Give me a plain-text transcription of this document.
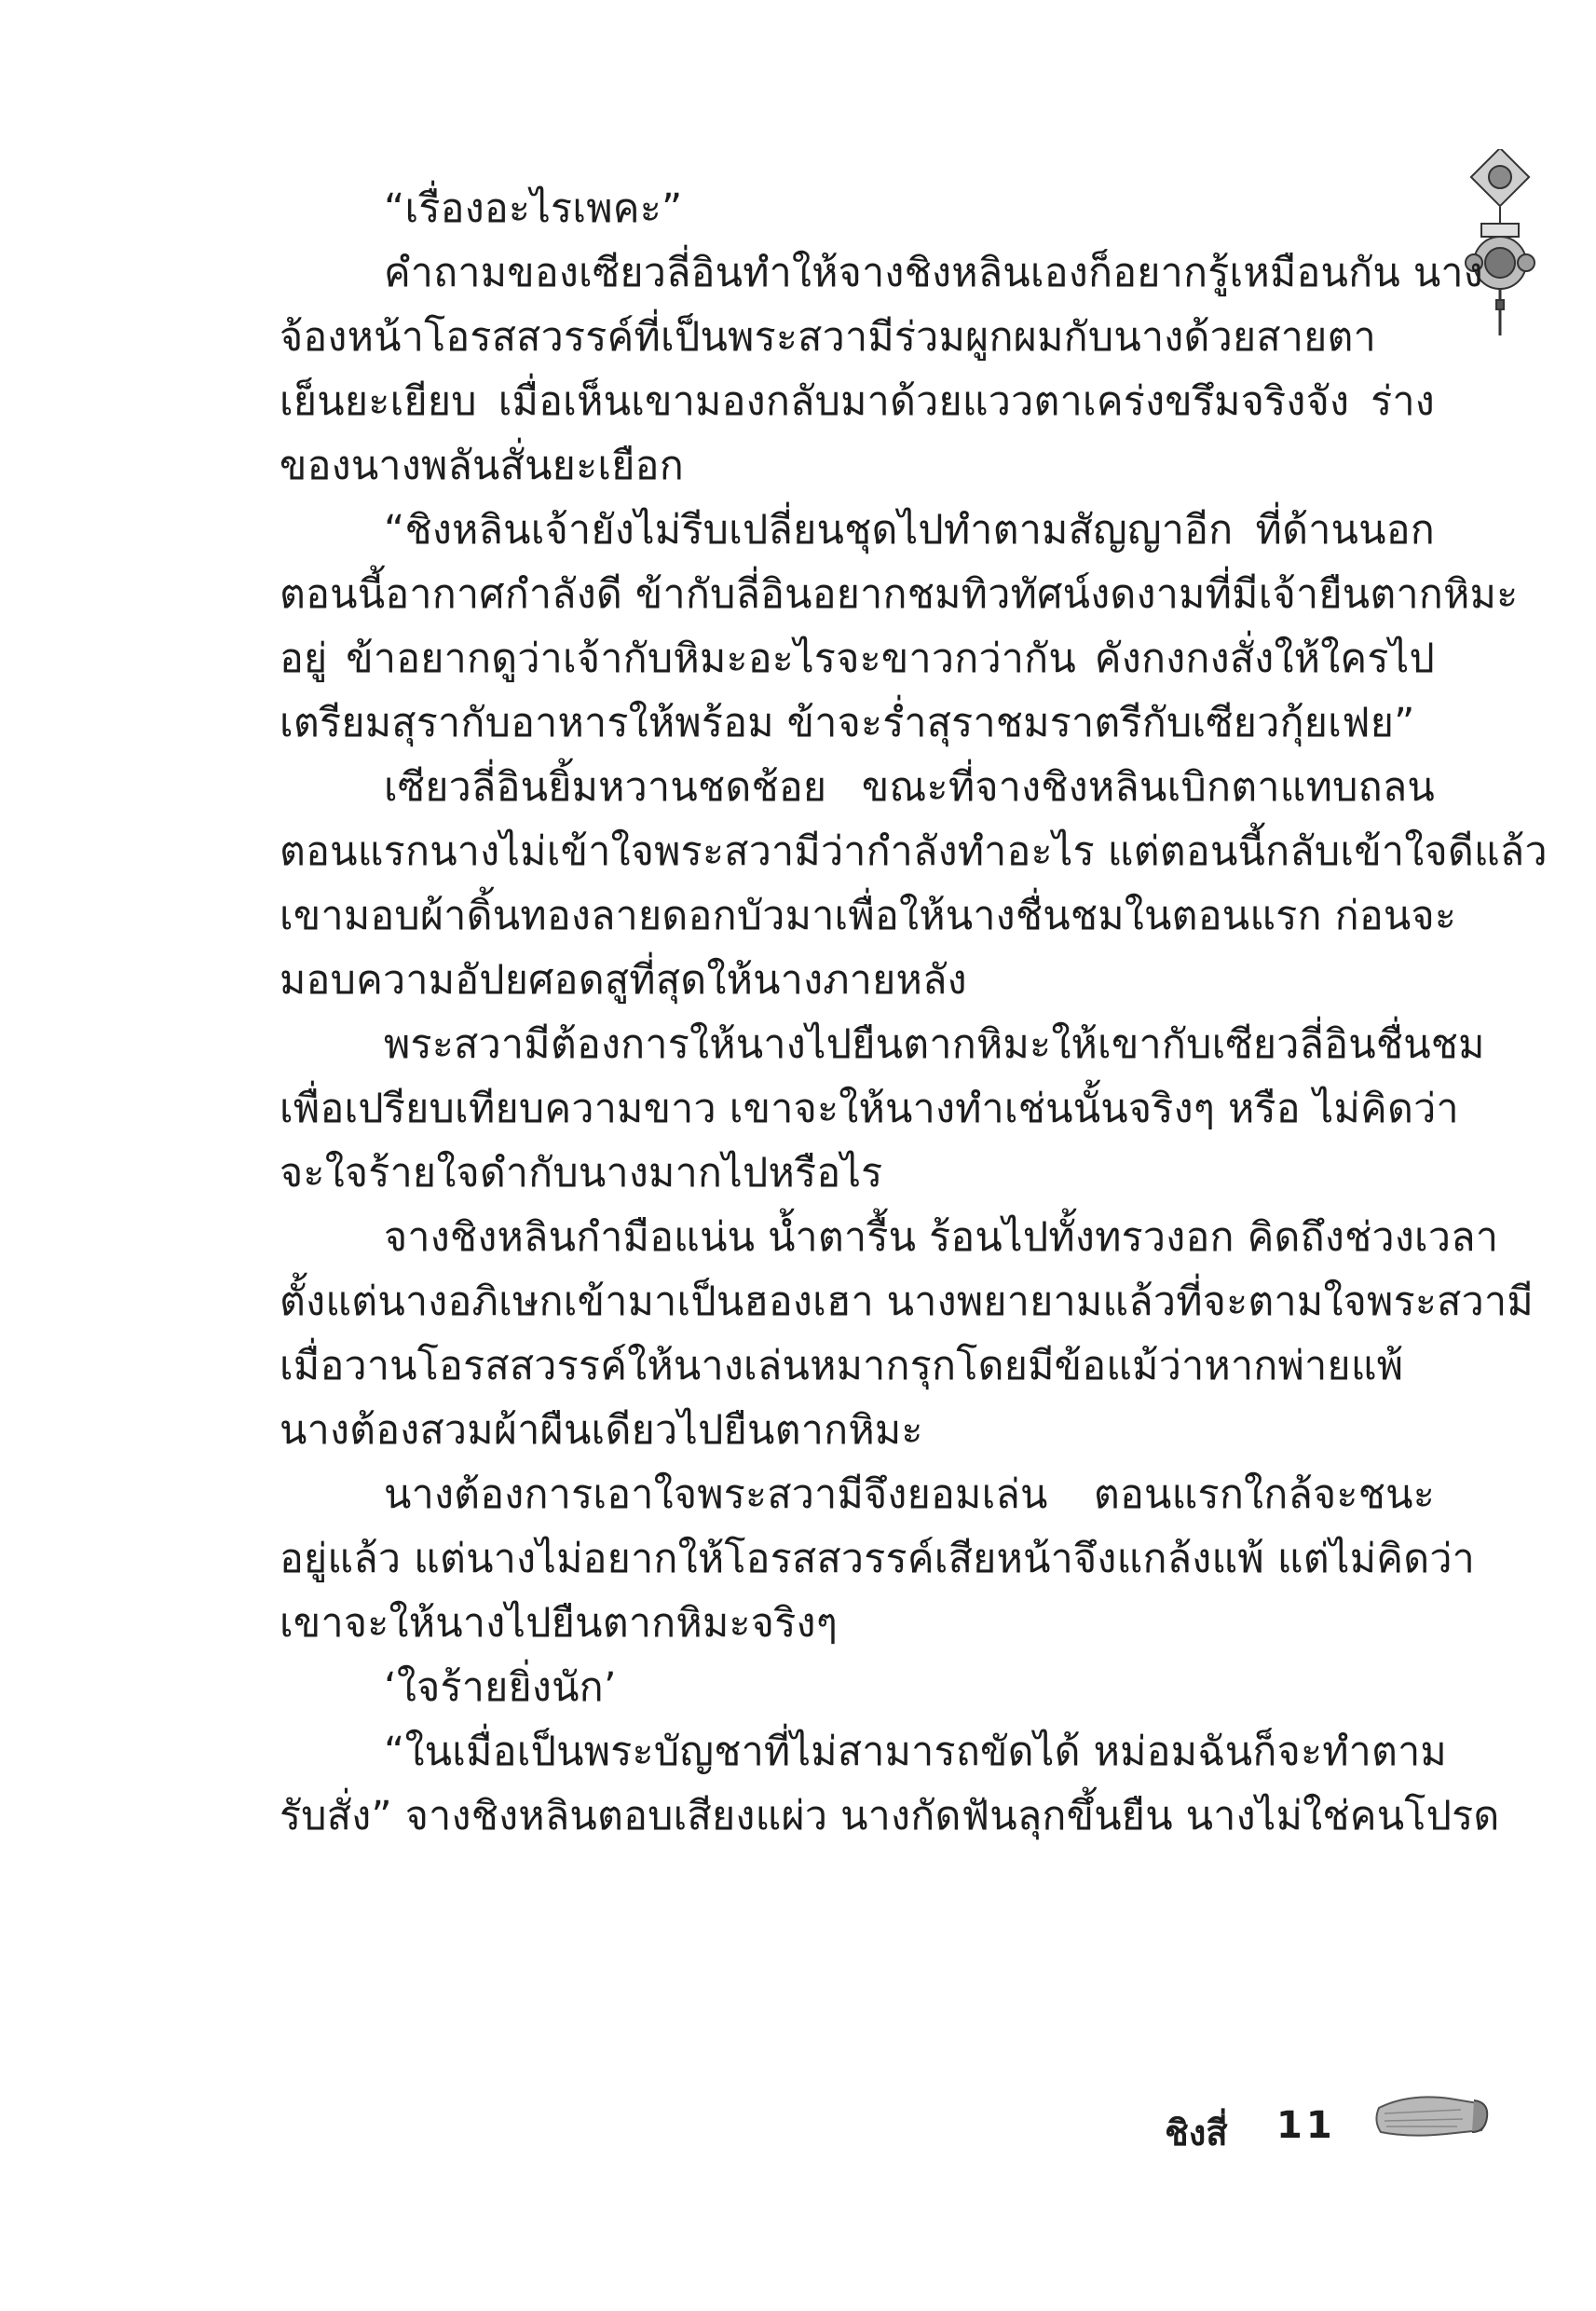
“เรื่องอะไรเพคะ”
คำถามของเซียวลี่อินทำให้จางชิงหลินเองก็อยากรู้เหมือนกัน นาง
จ้องหน้าโอรสสวรรค์ที่เป็นพระสวามีร่วมผูกผมกับนางด้วยสายตา
เย็นยะเยียบ เมื่อเห็นเขามองกลับมาด้วยแววตาเคร่งขรึมจริงจัง ร่าง
ของนางพลันสั่นยะเยือก
“ชิงหลินเจ้ายังไม่รีบเปลี่ยนชุดไปทำตามสัญญาอีก ที่ด้านนอก
ตอนนี้อากาศกำลังดี ข้ากับลี่อินอยากชมทิวทัศน์งดงามที่มีเจ้ายืนตากหิมะ
อยู่ ข้าอยากดูว่าเจ้ากับหิมะอะไรจะขาวกว่ากัน คังกงกงสั่งให้ใครไป
เตรียมสุรากับอาหารให้พร้อม ข้าจะร่ำสุราชมราตรีกับเซียวกุ้ยเฟย”
เซียวลี่อินยิ้มหวานชดช้อย ขณะที่จางชิงหลินเบิกตาแทบถลน
ตอนแรกนางไม่เข้าใจพระสวามีว่ากำลังทำอะไร แต่ตอนนี้กลับเข้าใจดีแล้ว
เขามอบผ้าดิ้นทองลายดอกบัวมาเพื่อให้นางชื่นชมในตอนแรก ก่อนจะ
มอบความอัปยศอดสูที่สุดให้นางภายหลัง
พระสวามีต้องการให้นางไปยืนตากหิมะให้เขากับเซียวลี่อินชื่นชม
เพื่อเปรียบเทียบความขาว เขาจะให้นางทำเช่นนั้นจริงๆ หรือ ไม่คิดว่า
จะใจร้ายใจดำกับนางมากไปหรือไร
จางชิงหลินกำมือแน่น น้ำตารื้น ร้อนไปทั้งทรวงอก คิดถึงช่วงเวลา
ตั้งแต่นางอภิเษกเข้ามาเป็นฮองเฮา นางพยายามแล้วที่จะตามใจพระสวามี
เมื่อวานโอรสสวรรค์ให้นางเล่นหมากรุกโดยมีข้อแม้ว่าหากพ่ายแพ้
นางต้องสวมผ้าผืนเดียวไปยืนตากหิมะ
นางต้องการเอาใจพระสวามีจึงยอมเล่น ตอนแรกใกล้จะชนะ
อยู่แล้ว แต่นางไม่อยากให้โอรสสวรรค์เสียหน้าจึงแกล้งแพ้ แต่ไม่คิดว่า
เขาจะให้นางไปยืนตากหิมะจริงๆ
‘ใจร้ายยิ่งนัก’
“ในเมื่อเป็นพระบัญชาที่ไม่สามารถขัดได้ หม่อมฉันก็จะทำตาม
รับสั่ง” จางชิงหลินตอบเสียงแผ่ว นางกัดฟันลุกขึ้นยืน นางไม่ใช่คนโปรด
ชิงสี่ 11
